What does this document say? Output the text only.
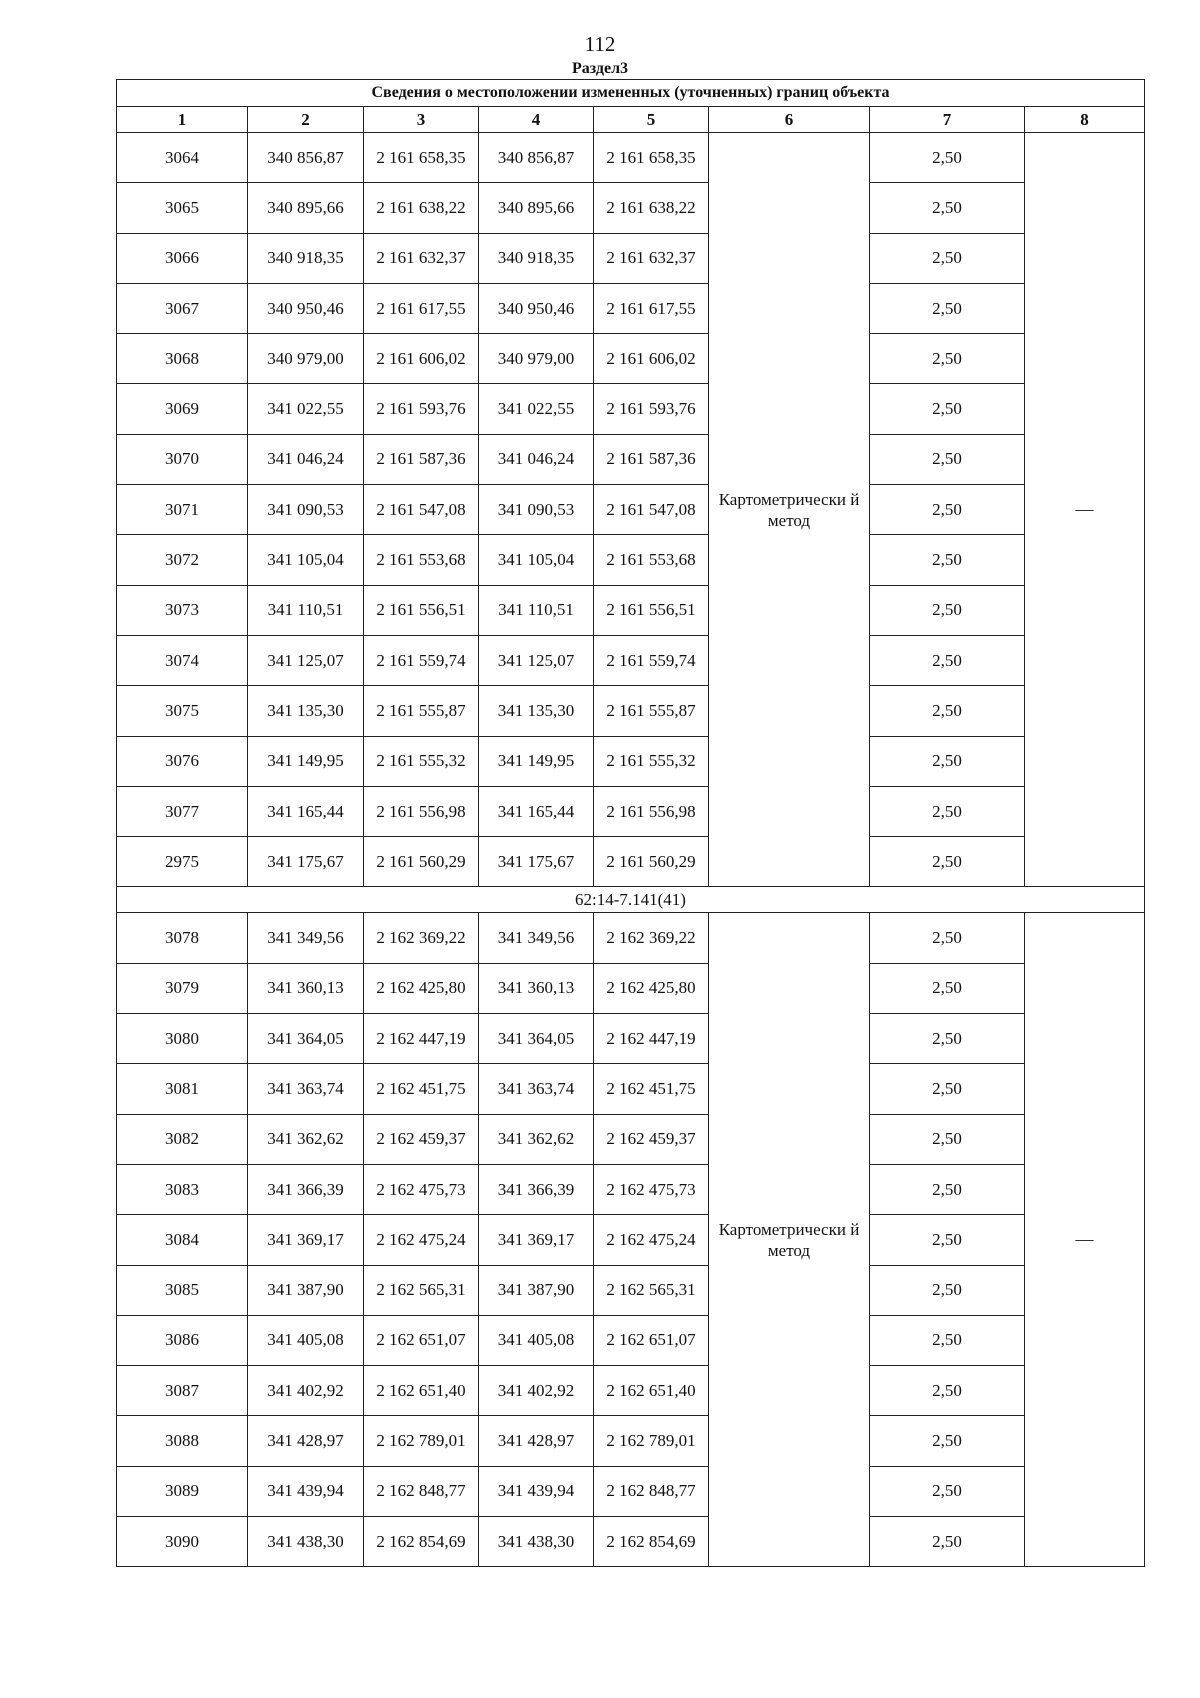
112
Раздел3
Сведения о местоположении измененных (уточненных) границ объекта							
1	2	3	4	5	6	7	8
3064	340 856,87	2 161 658,35	340 856,87	2 161 658,35	Картометрически й метод	2,50	—
3065	340 895,66	2 161 638,22	340 895,66	2 161 638,22		2,50	
3066	340 918,35	2 161 632,37	340 918,35	2 161 632,37		2,50	
3067	340 950,46	2 161 617,55	340 950,46	2 161 617,55		2,50	
3068	340 979,00	2 161 606,02	340 979,00	2 161 606,02		2,50	
3069	341 022,55	2 161 593,76	341 022,55	2 161 593,76		2,50	
3070	341 046,24	2 161 587,36	341 046,24	2 161 587,36		2,50	
3071	341 090,53	2 161 547,08	341 090,53	2 161 547,08		2,50	
3072	341 105,04	2 161 553,68	341 105,04	2 161 553,68		2,50	
3073	341 110,51	2 161 556,51	341 110,51	2 161 556,51		2,50	
3074	341 125,07	2 161 559,74	341 125,07	2 161 559,74		2,50	
3075	341 135,30	2 161 555,87	341 135,30	2 161 555,87		2,50	
3076	341 149,95	2 161 555,32	341 149,95	2 161 555,32		2,50	
3077	341 165,44	2 161 556,98	341 165,44	2 161 556,98		2,50	
2975	341 175,67	2 161 560,29	341 175,67	2 161 560,29		2,50	
62:14-7.141(41)							
3078	341 349,56	2 162 369,22	341 349,56	2 162 369,22	Картометрически й метод	2,50	—
3079	341 360,13	2 162 425,80	341 360,13	2 162 425,80		2,50	
3080	341 364,05	2 162 447,19	341 364,05	2 162 447,19		2,50	
3081	341 363,74	2 162 451,75	341 363,74	2 162 451,75		2,50	
3082	341 362,62	2 162 459,37	341 362,62	2 162 459,37		2,50	
3083	341 366,39	2 162 475,73	341 366,39	2 162 475,73		2,50	
3084	341 369,17	2 162 475,24	341 369,17	2 162 475,24		2,50	
3085	341 387,90	2 162 565,31	341 387,90	2 162 565,31		2,50	
3086	341 405,08	2 162 651,07	341 405,08	2 162 651,07		2,50	
3087	341 402,92	2 162 651,40	341 402,92	2 162 651,40		2,50	
3088	341 428,97	2 162 789,01	341 428,97	2 162 789,01		2,50	
3089	341 439,94	2 162 848,77	341 439,94	2 162 848,77		2,50	
3090	341 438,30	2 162 854,69	341 438,30	2 162 854,69		2,50	
